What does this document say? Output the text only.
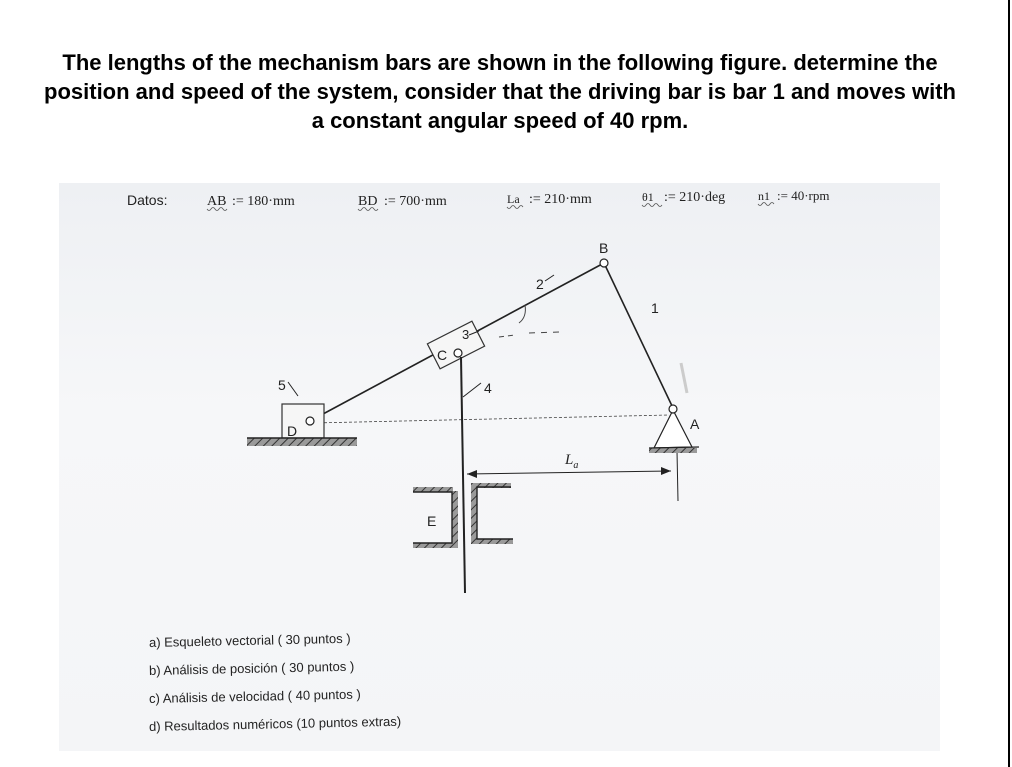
The lengths of the mechanism bars are shown in the following figure. determine the
position and speed of the system, consider that the driving bar is bar 1 and moves with
a constant angular speed of 40 rpm.
Datos:	AB := 180·mm	BD := 700·mm	La := 210·mm	θ1 := 210·deg	n1 := 40·rpm
B
2
1
C
3
4
E
$L_a$
A
D
5
a) Esqueleto vectorial ( 30 puntos )
b) Análisis de posición ( 30 puntos )
c) Análisis de velocidad ( 40 puntos )
d) Resultados numéricos (10 puntos extras)
